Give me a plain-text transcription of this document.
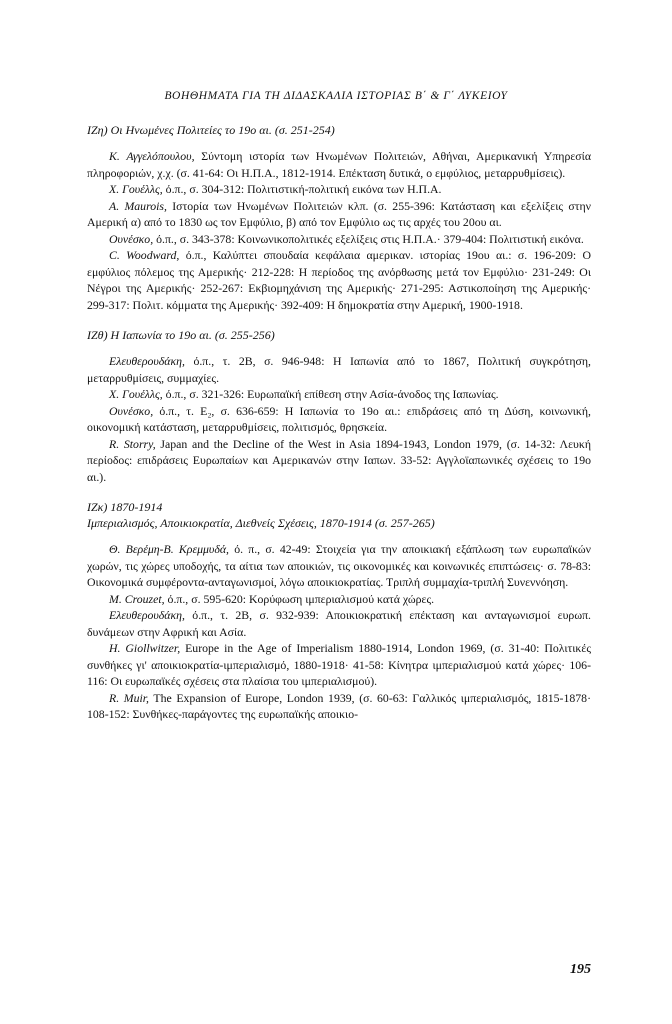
ΒΟΗΘΗΜΑΤΑ ΓΙΑ ΤΗ ΔΙΔΑΣΚΑΛΙΑ ΙΣΤΟΡΙΑΣ Β΄ & Γ΄ ΛΥΚΕΙΟΥ
ΙΖη) Οι Ηνωμένες Πολιτείες το 19ο αι. (σ. 251-254)

Κ. Αγγελόπουλου, Σύντομη ιστορία των Ηνωμένων Πολιτειών, Αθήναι, Αμερικανική Υπηρεσία πληροφοριών, χ.χ. (σ. 41-64: Οι Η.Π.Α., 1812-1914. Επέκταση δυτικά, ο εμφύλιος, μεταρρυθμίσεις).

Χ. Γουέλλς, ό.π., σ. 304-312: Πολιτιστική-πολιτική εικόνα των Η.Π.Α.

A. Maurois, Ιστορία των Ηνωμένων Πολιτειών κλπ. (σ. 255-396: Κατάσταση και εξελίξεις στην Αμερική α) από το 1830 ως τον Εμφύλιο, β) από τον Εμφύλιο ως τις αρχές του 20ου αι.

Ουνέσκο, ό.π., σ. 343-378: Κοινωνικοπολιτικές εξελίξεις στις Η.Π.Α.· 379-404: Πολιτιστική εικόνα.

C. Woodward, ό.π., Καλύπτει σπουδαία κεφάλαια αμερικαν. ιστορίας 19ου αι.: σ. 196-209: Ο εμφύλιος πόλεμος της Αμερικής· 212-228: Η περίοδος της ανόρθωσης μετά τον Εμφύλιο· 231-249: Οι Νέγροι της Αμερικής· 252-267: Εκβιομηχάνιση της Αμερικής· 271-295: Αστικοποίηση της Αμερικής· 299-317: Πολιτ. κόμματα της Αμερικής· 392-409: Η δημοκρατία στην Αμερική, 1900-1918.

ΙΖθ) Η Ιαπωνία το 19ο αι. (σ. 255-256)

Ελευθερουδάκη, ό.π., τ. 2Β, σ. 946-948: Η Ιαπωνία από το 1867, Πολιτική συγκρότηση, μεταρρυθμίσεις, συμμαχίες.

Χ. Γουέλλς, ό.π., σ. 321-326: Ευρωπαϊκή επίθεση στην Ασία-άνοδος της Ιαπωνίας.

Ουνέσκο, ό.π., τ. Ε₂, σ. 636-659: Η Ιαπωνία το 19ο αι.: επιδράσεις από τη Δύση, κοινωνική, οικονομική κατάσταση, μεταρρυθμίσεις, πολιτισμός, θρησκεία.

R. Storry, Japan and the Decline of the West in Asia 1894-1943, London 1979, (σ. 14-32: Λευκή περίοδος: επιδράσεις Ευρωπαίων και Αμερικανών στην Ιαπων. 33-52: Αγγλοϊαπωνικές σχέσεις το 19ο αι.).

ΙΖκ) 1870-1914
Ιμπεριαλισμός, Αποικιοκρατία, Διεθνείς Σχέσεις, 1870-1914 (σ. 257-265)

Θ. Βερέμη-Β. Κρεμμυδά, ό. π., σ. 42-49: Στοιχεία για την αποικιακή εξάπλωση των ευρωπαϊκών χωρών, τις χώρες υποδοχής, τα αίτια των αποικιών, τις οικονομικές και κοινωνικές επιπτώσεις· σ. 78-83: Οικονομικά συμφέροντα-ανταγωνισμοί, λόγω αποικιοκρατίας. Τριπλή συμμαχία-τριπλή Συνεννόηση.

M. Crouzet, ό.π., σ. 595-620: Κορύφωση ιμπεριαλισμού κατά χώρες.

Ελευθερουδάκη, ό.π., τ. 2Β, σ. 932-939: Αποικιοκρατική επέκταση και ανταγωνισμοί ευρωπ. δυνάμεων στην Αφρική και Ασία.

H. Giollwitzer, Europe in the Age of Imperialism 1880-1914, London 1969, (σ. 31-40: Πολιτικές συνθήκες γι' αποικιοκρατία-ιμπεριαλισμό, 1880-1918· 41-58: Κίνητρα ιμπεριαλισμού κατά χώρες· 106-116: Οι ευρωπαϊκές σχέσεις στα πλαίσια του ιμπεριαλισμού).

R. Muir, The Expansion of Europe, London 1939, (σ. 60-63: Γαλλικός ιμπεριαλισμός, 1815-1878· 108-152: Συνθήκες-παράγοντες της ευρωπαϊκής αποικιο-

195
